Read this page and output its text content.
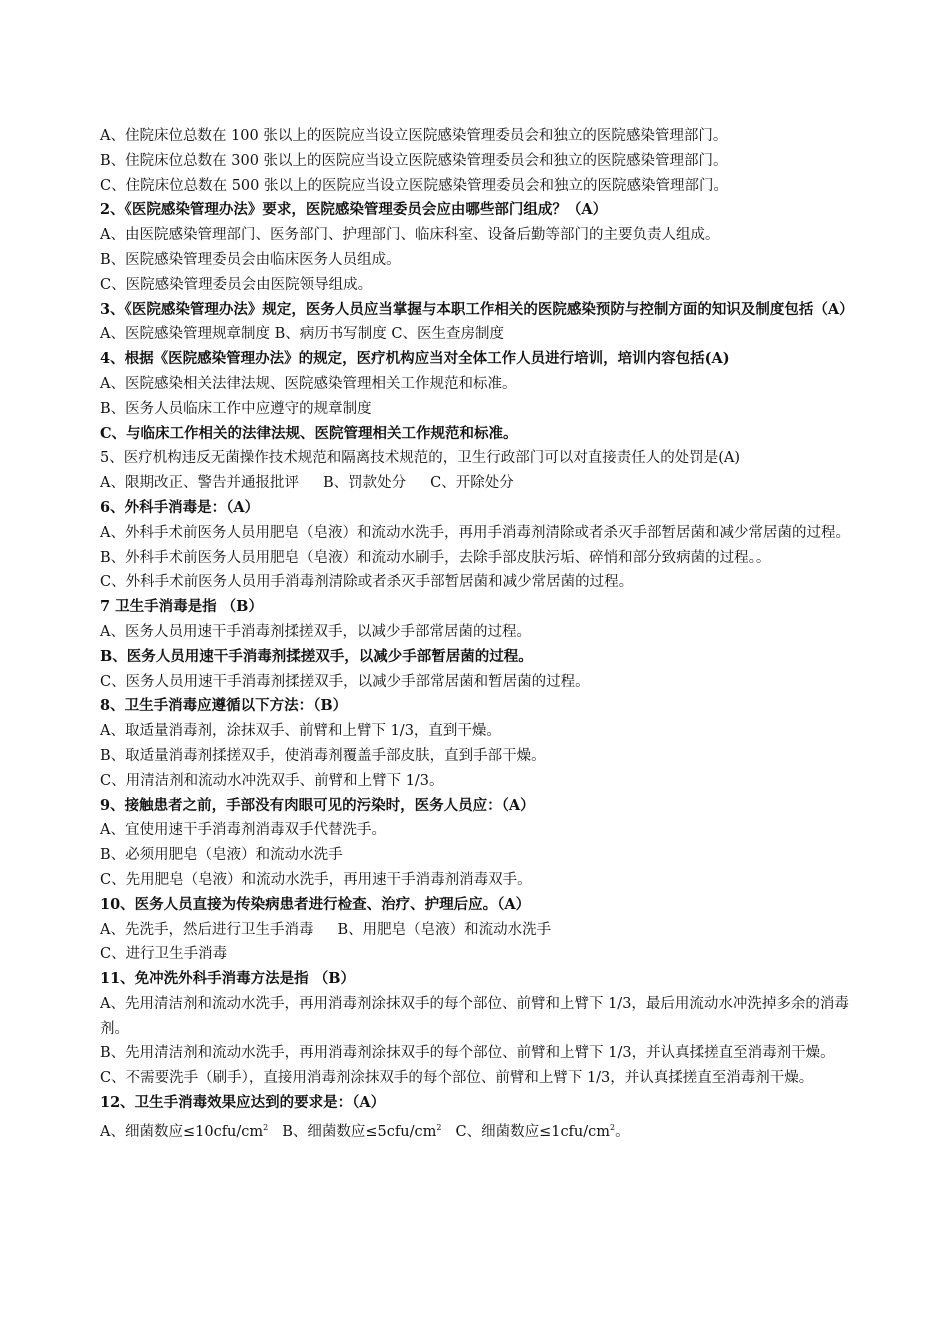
A、住院床位总数在 100 张以上的医院应当设立医院感染管理委员会和独立的医院感染管理部门。
B、住院床位总数在 300 张以上的医院应当设立医院感染管理委员会和独立的医院感染管理部门。
C、住院床位总数在 500 张以上的医院应当设立医院感染管理委员会和独立的医院感染管理部门。
2、《医院感染管理办法》要求，医院感染管理委员会应由哪些部门组成？（A）
A、由医院感染管理部门、医务部门、护理部门、临床科室、设备后勤等部门的主要负责人组成。
B、医院感染管理委员会由临床医务人员组成。
C、医院感染管理委员会由医院领导组成。
3、《医院感染管理办法》规定，医务人员应当掌握与本职工作相关的医院感染预防与控制方面的知识及制度包括（A）
A、医院感染管理规章制度 B、病历书写制度 C、医生查房制度
4、根据《医院感染管理办法》的规定，医疗机构应当对全体工作人员进行培训，培训内容包括(A)
A、医院感染相关法律法规、医院感染管理相关工作规范和标准。
B、医务人员临床工作中应遵守的规章制度
C、与临床工作相关的法律法规、医院管理相关工作规范和标准。
5、医疗机构违反无菌操作技术规范和隔离技术规范的，卫生行政部门可以对直接责任人的处罚是(A)
A、限期改正、警告并通报批评 B、罚款处分 C、开除处分
6、外科手消毒是：（A）
A、外科手术前医务人员用肥皂（皂液）和流动水洗手，再用手消毒剂清除或者杀灭手部暂居菌和减少常居菌的过程。
B、外科手术前医务人员用肥皂（皂液）和流动水刷手，去除手部皮肤污垢、碎悄和部分致病菌的过程。。
C、外科手术前医务人员用手消毒剂清除或者杀灭手部暂居菌和减少常居菌的过程。
7 卫生手消毒是指 （B）
A、医务人员用速干手消毒剂揉搓双手，以减少手部常居菌的过程。
B、医务人员用速干手消毒剂揉搓双手，以减少手部暂居菌的过程。
C、医务人员用速干手消毒剂揉搓双手，以减少手部常居菌和暂居菌的过程。
8、卫生手消毒应遵循以下方法：（B）
A、取适量消毒剂，涂抹双手、前臂和上臂下 1/3，直到干燥。
B、取适量消毒剂揉搓双手，使消毒剂覆盖手部皮肤，直到手部干燥。
C、用清洁剂和流动水冲洗双手、前臂和上臂下 1/3。
9、接触患者之前，手部没有肉眼可见的污染时，医务人员应：（A）
A、宜使用速干手消毒剂消毒双手代替洗手。
B、必须用肥皂（皂液）和流动水洗手
C、先用肥皂（皂液）和流动水洗手，再用速干手消毒剂消毒双手。
10、医务人员直接为传染病患者进行检查、治疗、护理后应。（A）
A、先洗手，然后进行卫生手消毒 B、用肥皂（皂液）和流动水洗手
C、进行卫生手消毒
11、免冲洗外科手消毒方法是指 （B）
A、先用清洁剂和流动水洗手，再用消毒剂涂抹双手的每个部位、前臂和上臂下 1/3，最后用流动水冲洗掉多余的消毒剂。
B、先用清洁剂和流动水洗手，再用消毒剂涂抹双手的每个部位、前臂和上臂下 1/3，并认真揉搓直至消毒剂干燥。
C、不需要洗手（刷手），直接用消毒剂涂抹双手的每个部位、前臂和上臂下 1/3，并认真揉搓直至消毒剂干燥。
12、卫生手消毒效果应达到的要求是：（A）
A、细菌数应$\le 10cfu/cm^2$ B、细菌数应$\le 5cfu/cm^2$ C、细菌数应$\le 1cfu/cm^2$。
